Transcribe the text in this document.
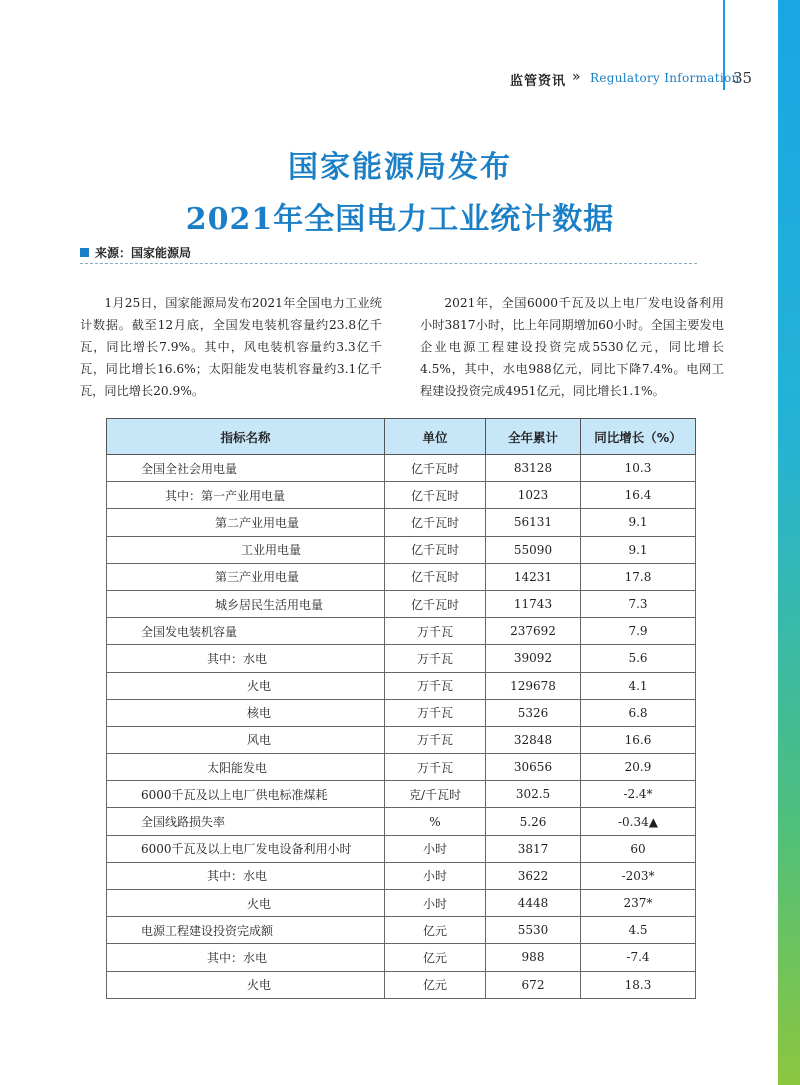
监管资讯 » Regulatory Information
35
国家能源局发布
2021年全国电力工业统计数据
来源：国家能源局
1月25日，国家能源局发布2021年全国电力工业统计数据。截至12月底，全国发电装机容量约23.8亿千瓦，同比增长7.9%。其中，风电装机容量约3.3亿千瓦，同比增长16.6%；太阳能发电装机容量约3.1亿千瓦，同比增长20.9%。
2021年，全国6000千瓦及以上电厂发电设备利用小时3817小时，比上年同期增加60小时。全国主要发电企业电源工程建设投资完成5530亿元，同比增长4.5%，其中，水电988亿元，同比下降7.4%。电网工程建设投资完成4951亿元，同比增长1.1%。
指标名称	单位	全年累计	同比增长（%）
全国全社会用电量	亿千瓦时	83128	10.3
其中：第一产业用电量	亿千瓦时	1023	16.4
第二产业用电量	亿千瓦时	56131	9.1
工业用电量	亿千瓦时	55090	9.1
第三产业用电量	亿千瓦时	14231	17.8
城乡居民生活用电量	亿千瓦时	11743	7.3
全国发电装机容量	万千瓦	237692	7.9
其中：水电	万千瓦	39092	5.6
火电	万千瓦	129678	4.1
核电	万千瓦	5326	6.8
风电	万千瓦	32848	16.6
太阳能发电	万千瓦	30656	20.9
6000千瓦及以上电厂供电标准煤耗	克/千瓦时	302.5	-2.4*
全国线路损失率	%	5.26	-0.34▲
6000千瓦及以上电厂发电设备利用小时	小时	3817	60
其中：水电	小时	3622	-203*
火电	小时	4448	237*
电源工程建设投资完成额	亿元	5530	4.5
其中：水电	亿元	988	-7.4
火电	亿元	672	18.3
